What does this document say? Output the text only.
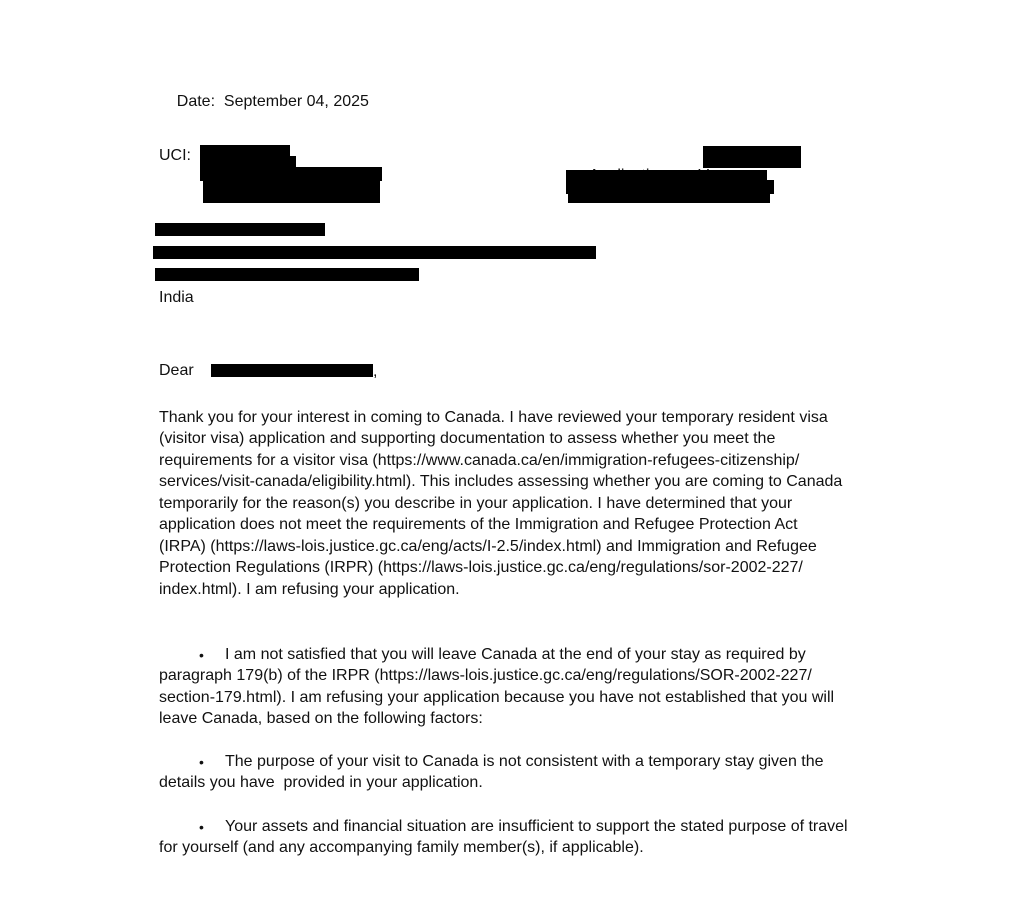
Date: September 04, 2025

UCI:

India
Dear	,
Thank you for your interest in coming to Canada. I have reviewed your temporary resident visa
(visitor visa) application and supporting documentation to assess whether you meet the
requirements for a visitor visa (https://www.canada.ca/en/immigration-refugees-citizenship/
services/visit-canada/eligibility.html). This includes assessing whether you are coming to Canada
temporarily for the reason(s) you describe in your application. I have determined that your
application does not meet the requirements of the Immigration and Refugee Protection Act
(IRPA) (https://laws-lois.justice.gc.ca/eng/acts/I-2.5/index.html) and Immigration and Refugee
Protection Regulations (IRPR) (https://laws-lois.justice.gc.ca/eng/regulations/sor-2002-227/
index.html). I am refusing your application.
• I am not satisfied that you will leave Canada at the end of your stay as required by
paragraph 179(b) of the IRPR (https://laws-lois.justice.gc.ca/eng/regulations/SOR-2002-227/
section-179.html). I am refusing your application because you have not established that you will
leave Canada, based on the following factors:
• The purpose of your visit to Canada is not consistent with a temporary stay given the
details you have  provided in your application.
• Your assets and financial situation are insufficient to support the stated purpose of travel
for yourself (and any accompanying family member(s), if applicable).
